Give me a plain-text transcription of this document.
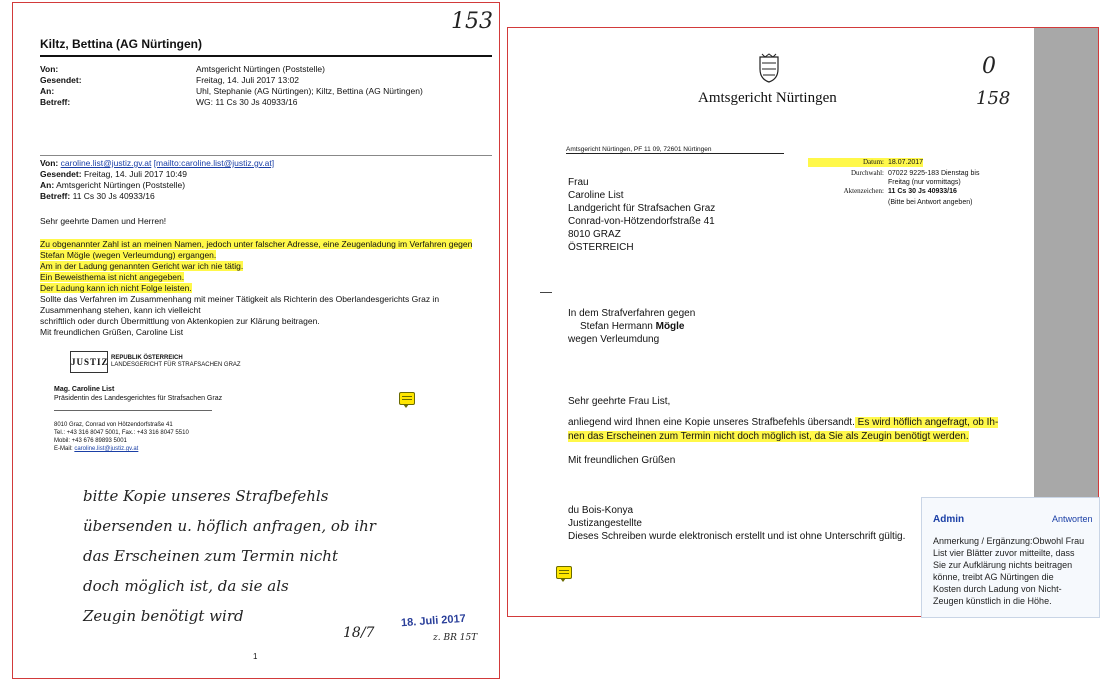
153
Kiltz, Bettina (AG Nürtingen)
Von:	Amtsgericht Nürtingen (Poststelle)
Gesendet:	Freitag, 14. Juli 2017 13:02
An:	Uhl, Stephanie (AG Nürtingen); Kiltz, Bettina (AG Nürtingen)
Betreff:	WG: 11 Cs 30 Js 40933/16
Von: caroline.list@justiz.gv.at [mailto:caroline.list@justiz.gv.at]
Gesendet: Freitag, 14. Juli 2017 10:49
An: Amtsgericht Nürtingen (Poststelle)
Betreff: 11 Cs 30 Js 40933/16
Sehr geehrte Damen und Herren!
Zu obgenannter Zahl ist an meinen Namen, jedoch unter falscher Adresse, eine Zeugenladung im Verfahren gegen
Stefan Mögle (wegen Verleumdung) ergangen.
Am in der Ladung genannten Gericht war ich nie tätig.
Ein Beweisthema ist nicht angegeben.
Der Ladung kann ich nicht Folge leisten.
Sollte das Verfahren im Zusammenhang mit meiner Tätigkeit als Richterin des Oberlandesgerichts Graz in
Zusammenhang stehen, kann ich vielleicht
schriftlich oder durch Übermittlung von Aktenkopien zur Klärung beitragen.
Mit freundlichen Grüßen, Caroline List
JUSTIZ REPUBLIK ÖSTERREICH
LANDESGERICHT FÜR STRAFSACHEN GRAZ
Mag. Caroline List
Präsidentin des Landesgerichtes für Strafsachen Graz
8010 Graz, Conrad von Hötzendorfstraße 41
Tel.: +43 316 8047 5001, Fax.: +43 316 8047 5510
Mobil: +43 676 89893 5001
E-Mail: caroline.list@justiz.gv.at
bitte Kopie unseres Strafbefehls
übersenden u. höflich anfragen, ob ihr
das Erscheinen zum Termin nicht
doch möglich ist, da sie als
Zeugin benötigt wird
18/7
18. Juli 2017
z. BR 15T
1
Amtsgericht Nürtingen
0
158
Amtsgericht Nürtingen, PF 11 09, 72601 Nürtingen
Frau
Caroline List
Landgericht für Strafsachen Graz
Conrad-von-Hötzendorfstraße 41
8010 GRAZ
ÖSTERREICH
Datum: 18.07.2017
Durchwahl: 07022 9225-183 Dienstag bis
Freitag (nur vormittags)
Aktenzeichen: 11 Cs 30 Js 40933/16
(Bitte bei Antwort angeben)
In dem Strafverfahren gegen
Stefan Hermann Mögle
wegen Verleumdung
Sehr geehrte Frau List,
anliegend wird Ihnen eine Kopie unseres Strafbefehls übersandt. Es wird höflich angefragt, ob Ih-
nen das Erscheinen zum Termin nicht doch möglich ist, da Sie als Zeugin benötigt werden.
Mit freundlichen Grüßen
du Bois-Konya
Justizangestellte
Dieses Schreiben wurde elektronisch erstellt und ist ohne Unterschrift gültig.
Admin	Antworten
Anmerkung / Ergänzung:Obwohl Frau
List vier Blätter zuvor mitteilte, dass
Sie zur Aufklärung nichts beitragen
könne, treibt AG Nürtingen die
Kosten durch Ladung von Nicht-
Zeugen künstlich in die Höhe.
